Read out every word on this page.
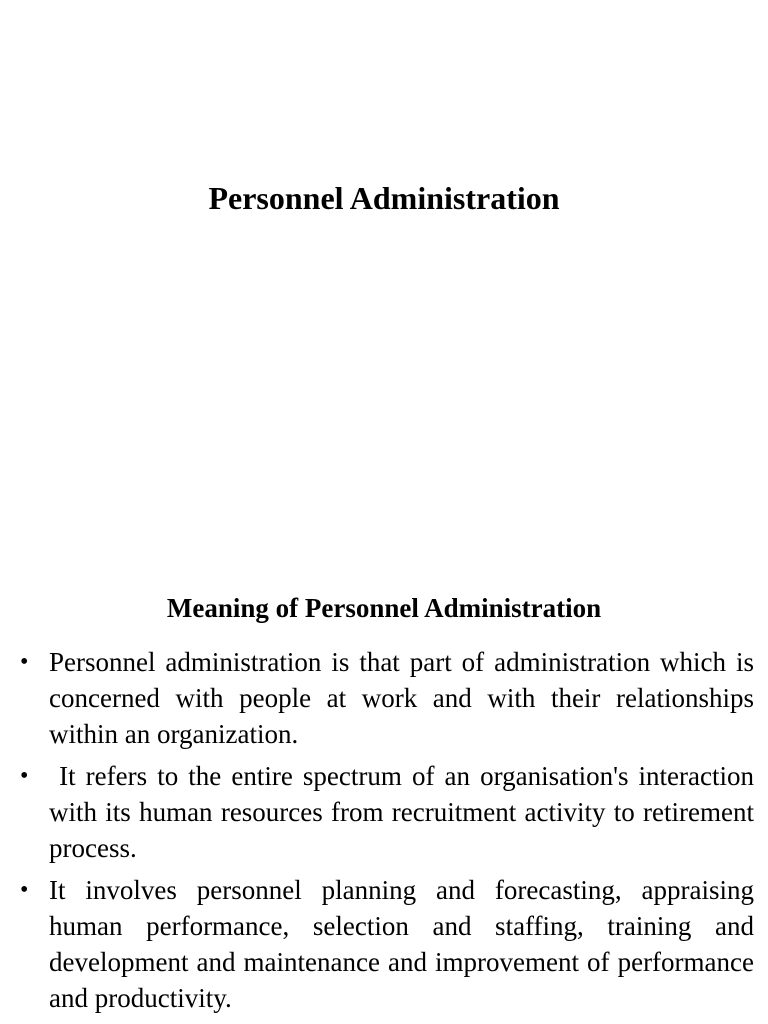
Personnel Administration
Meaning of Personnel Administration
• Personnel administration is that part of administration which is concerned with people at work and with their relationships within an organization.
• It refers to the entire spectrum of an organisation's interaction with its human resources from recruitment activity to retirement process.
• It involves personnel planning and forecasting, appraising human performance, selection and staffing, training and development and maintenance and improvement of performance and productivity.
